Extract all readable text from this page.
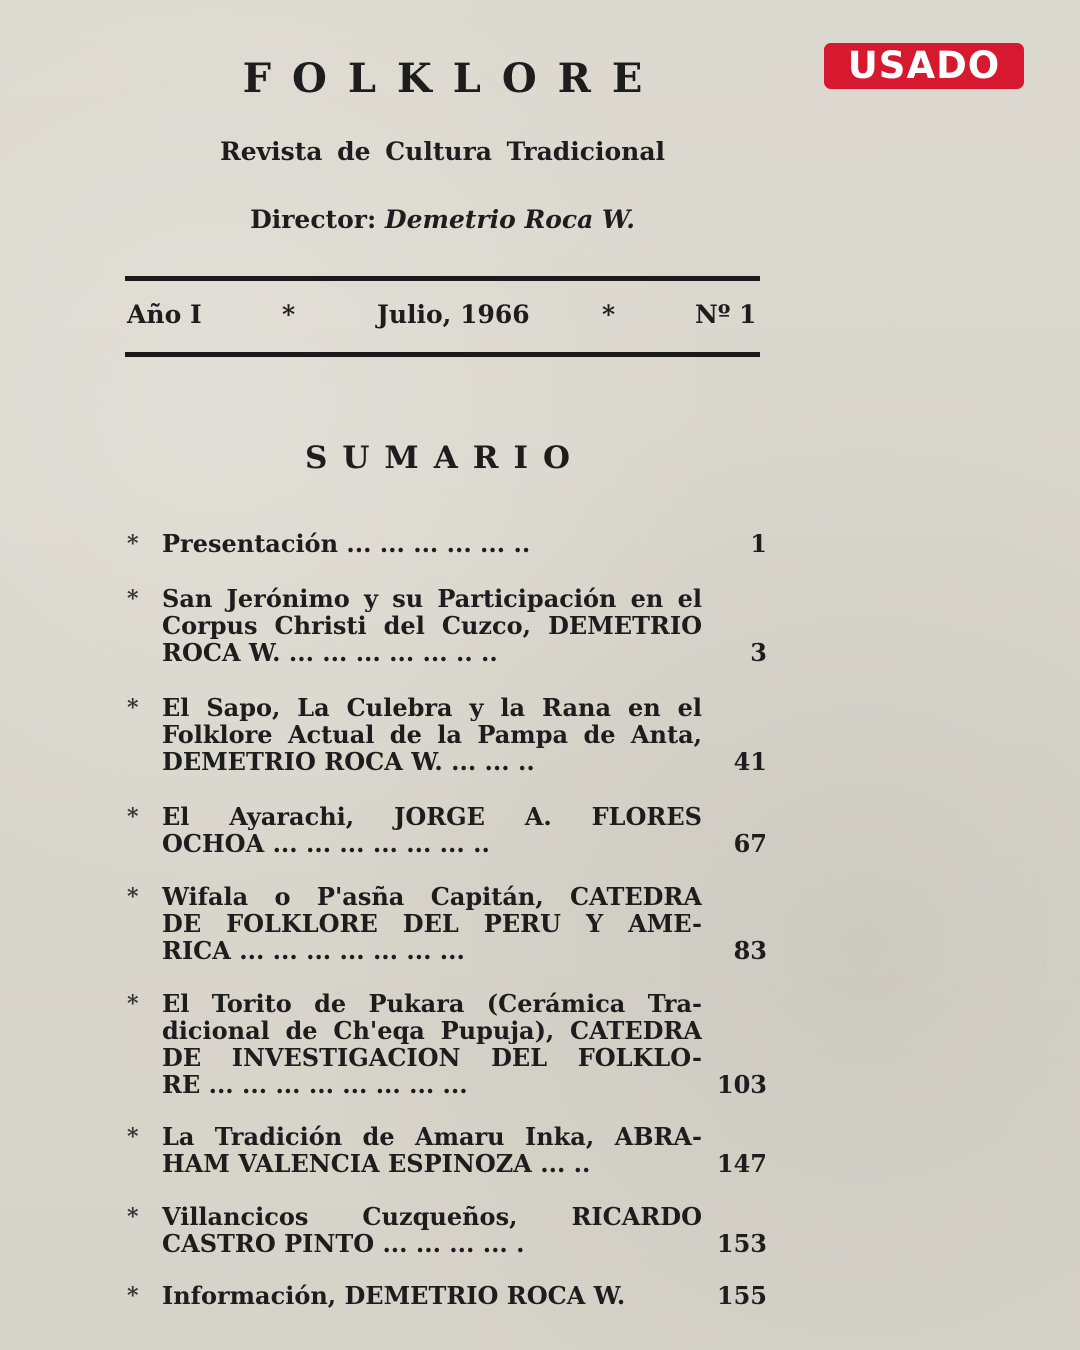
USADO
FOLKLORE
Revista de Cultura Tradicional
Director: Demetrio Roca W.
Año I	*	Julio, 1966	*	Nº 1
SUMARIO
* Presentación ... ... ... ... ... ..	1
* San Jerónimo y su Participación en el
Corpus Christi del Cuzco, DEMETRIO
ROCA W. ... ... ... ... ... .. ..	3
* El Sapo, La Culebra y la Rana en el
Folklore Actual de la Pampa de Anta,
DEMETRIO ROCA W. ... ... ..	41
* El Ayarachi, JORGE A. FLORES
OCHOA ... ... ... ... ... ... ..	67
* Wifala o P'asña Capitán, CATEDRA
DE FOLKLORE DEL PERU Y AME-
RICA ... ... ... ... ... ... ...	83
* El Torito de Pukara (Cerámica Tra-
dicional de Ch'eqa Pupuja), CATEDRA
DE INVESTIGACION DEL FOLKLO-
RE ... ... ... ... ... ... ... ...	103
* La Tradición de Amaru Inka, ABRA-
HAM VALENCIA ESPINOZA ... ..	147
* Villancicos Cuzqueños, RICARDO
CASTRO PINTO ... ... ... ... .	153
* Información, DEMETRIO ROCA W.	155
